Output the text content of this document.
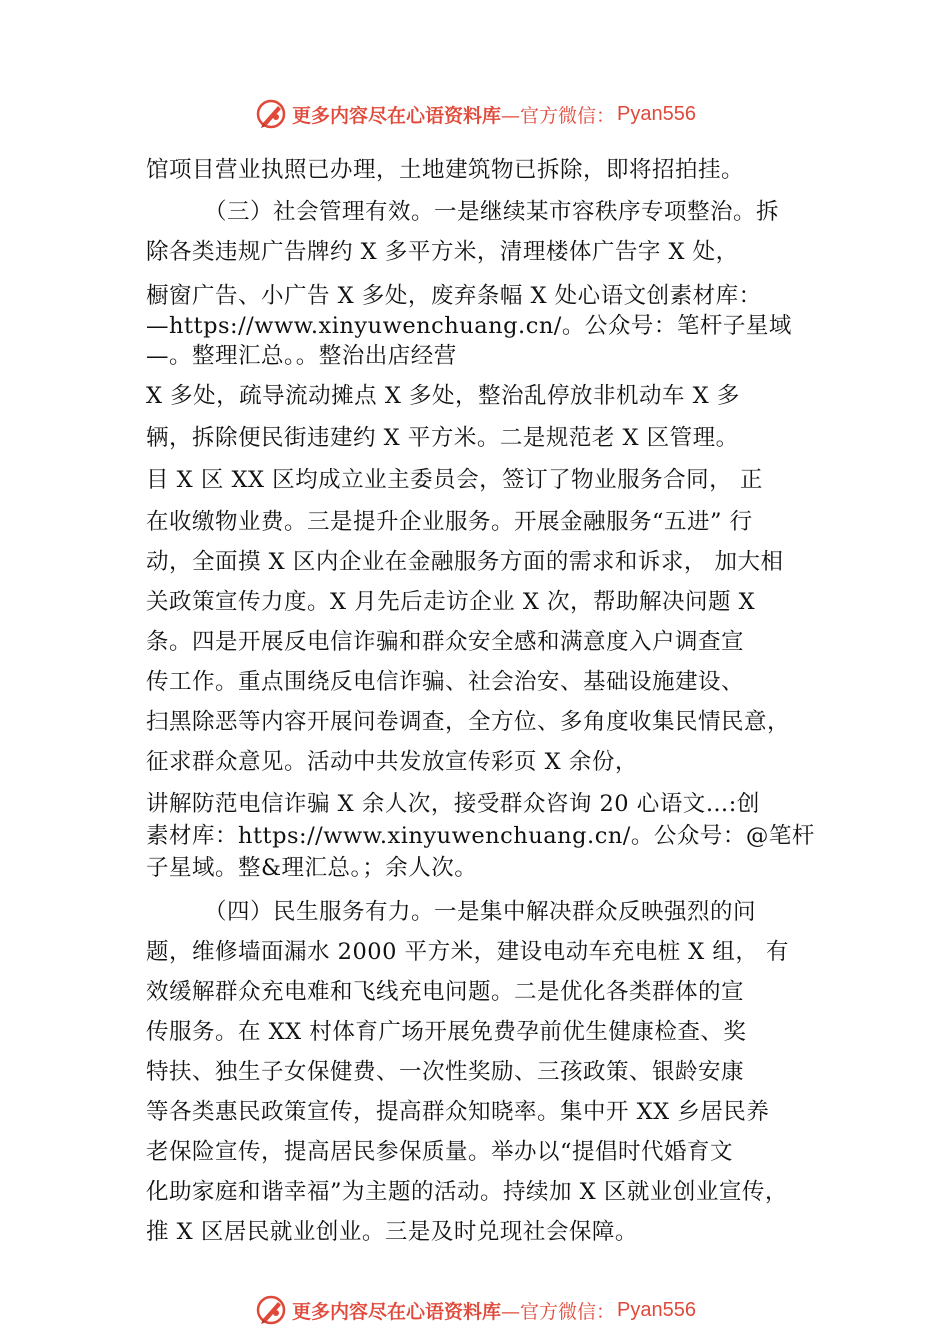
更多内容尽在心语资料库 —官方微信： Pyan556

馆项目营业执照已办理，土地建筑物已拆除，即将招拍挂。

（三）社会管理有效。一是继续某市容秩序专项整治。拆

除各类违规广告牌约 X 多平方米，清理楼体广告字 X 处，

橱窗广告、小广告 X 多处，废弃条幅 X 处心语文创素材库：

—https://www.xinyuwenchuang.cn/。公众号：笔杆子星域

—。整理汇总。。整治出店经营

X 多处，疏导流动摊点 X 多处，整治乱停放非机动车 X 多

辆，拆除便民街违建约 X 平方米。二是规范老 X 区管理。

目 X 区 XX 区均成立业主委员会，签订了物业服务合同， 正

在收缴物业费。三是提升企业服务。开展金融服务“五进” 行

动，全面摸 X 区内企业在金融服务方面的需求和诉求， 加大相

关政策宣传力度。X 月先后走访企业 X 次，帮助解决问题 X

条。四是开展反电信诈骗和群众安全感和满意度入户调查宣

传工作。重点围绕反电信诈骗、社会治安、基础设施建设、

扫黑除恶等内容开展问卷调查，全方位、多角度收集民情民意，

征求群众意见。活动中共发放宣传彩页 X 余份，

讲解防范电信诈骗 X 余人次，接受群众咨询 20 心语文…:创

素材库：https://www.xinyuwenchuang.cn/。公众号：@笔杆

子星域。整&理汇总。；余人次。

（四）民生服务有力。一是集中解决群众反映强烈的问

题，维修墙面漏水 2000 平方米，建设电动车充电桩 X 组， 有

效缓解群众充电难和飞线充电问题。二是优化各类群体的宣

传服务。在 XX 村体育广场开展免费孕前优生健康检查、奖

特扶、独生子女保健费、一次性奖励、三孩政策、银龄安康

等各类惠民政策宣传，提高群众知晓率。集中开 XX 乡居民养

老保险宣传，提高居民参保质量。举办以“提倡时代婚育文

化助家庭和谐幸福”为主题的活动。持续加 X 区就业创业宣传，

推 X 区居民就业创业。三是及时兑现社会保障。

更多内容尽在心语资料库 —官方微信： Pyan556
